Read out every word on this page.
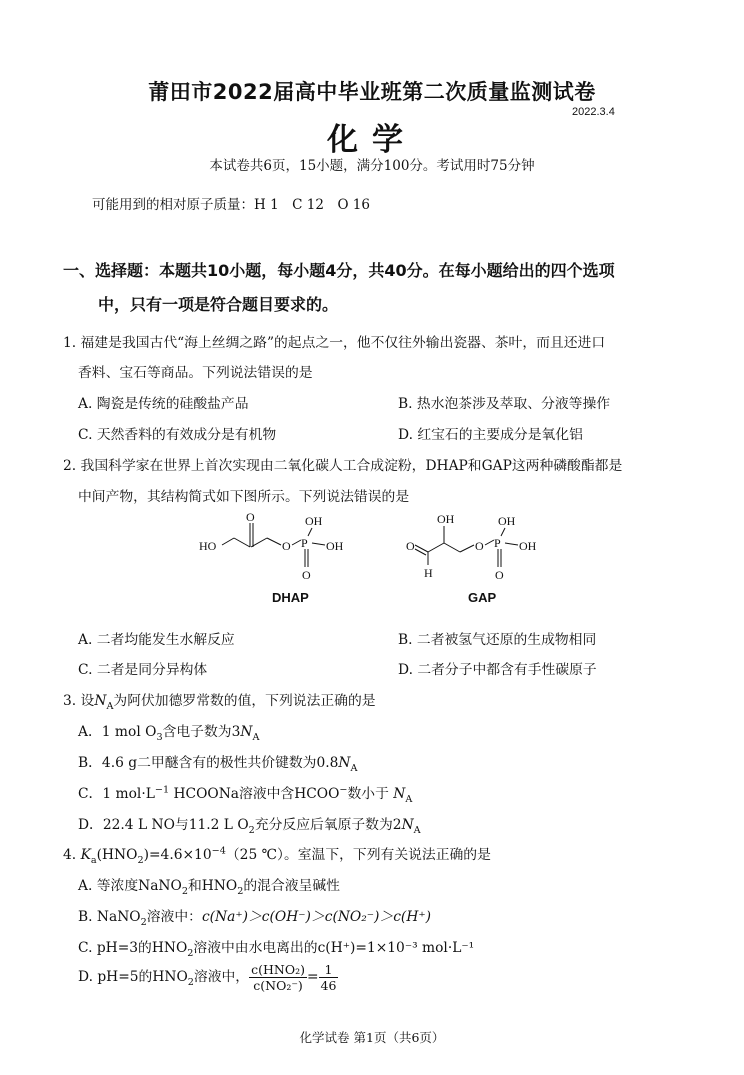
莆田市2022届高中毕业班第二次质量监测试卷
2022.3.4
化学
本试卷共6页，15小题，满分100分。考试用时75分钟
可能用到的相对原子质量：H 1　C 12　O 16
一、选择题：本题共10小题，每小题4分，共40分。在每小题给出的四个选项
中，只有一项是符合题目要求的。
1. 福建是我国古代“海上丝绸之路”的起点之一，他不仅往外输出瓷器、茶叶，而且还进口
香料、宝石等商品。下列说法错误的是
A. 陶瓷是传统的硅酸盐产品	B. 热水泡茶涉及萃取、分液等操作
C. 天然香料的有效成分是有机物	D. 红宝石的主要成分是氧化铝
2. 我国科学家在世界上首次实现由二氧化碳人工合成淀粉，DHAP和GAP这两种磷酸酯都是
中间产物，其结构简式如下图所示。下列说法错误的是
HO
O
O P
OH
OH
O
DHAP
O
H
OH
O P
OH
OH
O
GAP
A. 二者均能发生水解反应	B. 二者被氢气还原的生成物相同
C. 二者是同分异构体	D. 二者分子中都含有手性碳原子
3. 设$N_A$为阿伏加德罗常数的值，下列说法正确的是
A．1 mol $O_3$含电子数为$3N_A$
B．4.6 g二甲醚含有的极性共价键数为$0.8N_A$
C．1 $mol\cdot L^{-1}$ HCOONa溶液中含HCOO−数小于 $N_A$
D．22.4 L NO与11.2 L $O_2$充分反应后氧原子数为$2N_A$
4. $K_a(HNO_2)=4.6\times 10^{-4}(25$ ℃）。室温下，下列有关说法正确的是
A. 等浓度NaNO$_2$和$HNO_2$的混合液呈碱性
B. NaNO$_2$溶液中：c(Na⁺)＞c(OH⁻)＞c(NO₂⁻)＞c(H⁺)
C. pH=3的$HNO_2$溶液中由水电离出的c(H⁺)=1×10⁻³ mol·L⁻¹
D. pH=5的$HNO_2$溶液中， $\frac{\text{c(HNO₂)}}{\text{c(NO₂⁻)}} = \frac{1}{46}$
化学试卷 第1页（共6页）
